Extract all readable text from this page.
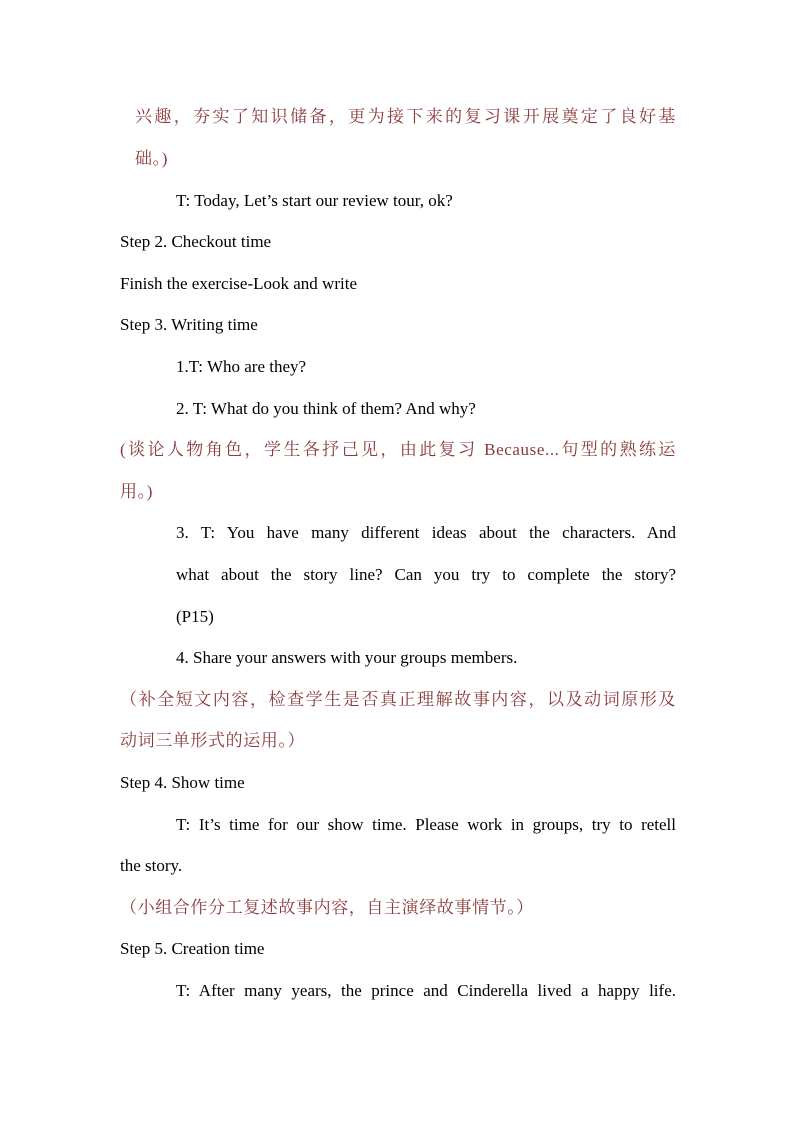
兴趣，夯实了知识储备，更为接下来的复习课开展奠定了良好基
础。)
T: Today, Let’s start our review tour, ok?
Step 2. Checkout time
Finish the exercise-Look and write
Step 3. Writing time
1.T: Who are they?
2. T: What do you think of them? And why?
(谈论人物角色，学生各抒己见，由此复习 Because...句型的熟练运
用。)
3. T: You have many different ideas about the characters. And
what about the story line? Can you try to complete the story?
(P15)
4. Share your answers with your groups members.
（补全短文内容，检查学生是否真正理解故事内容，以及动词原形及
动词三单形式的运用。）
Step 4. Show time
T: It’s time for our show time. Please work in groups, try to retell
the story.
（小组合作分工复述故事内容，自主演绎故事情节。）
Step 5. Creation time
T: After many years, the prince and Cinderella lived a happy life.
